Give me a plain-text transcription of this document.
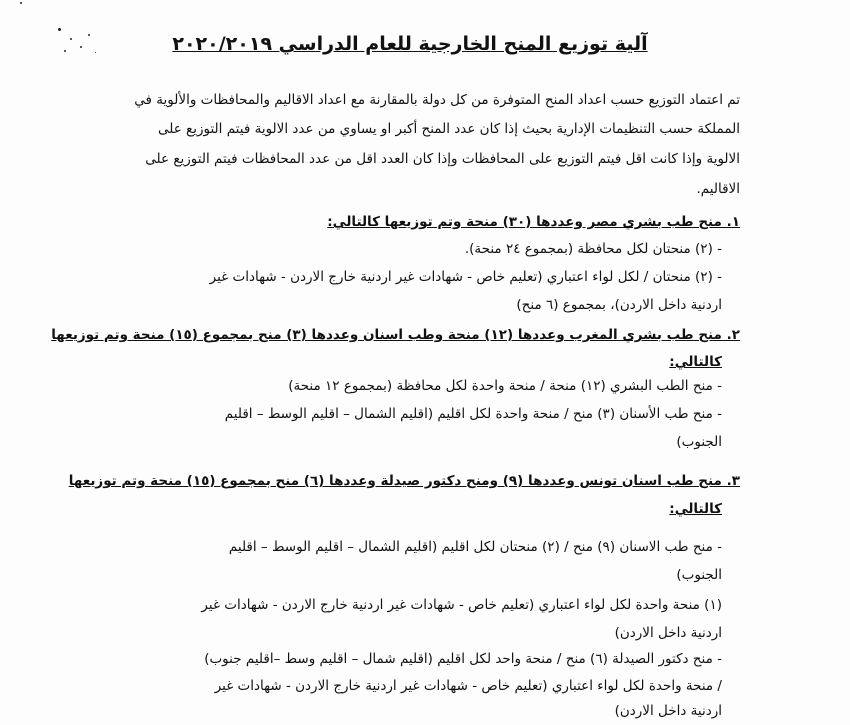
آلية توزيع المنح الخارجية للعام الدراسي ٢٠٢٠/٢٠١٩
تم اعتماد التوزيع حسب اعداد المنح المتوفرة من كل دولة بالمقارنة مع اعداد الاقاليم والمحافظات والألوية في
المملكة حسب التنظيمات الإدارية بحيث إذا كان عدد المنح أكبر او يساوي من عدد الالوية فيتم التوزيع على
الالوية وإذا كانت اقل فيتم التوزيع على المحافظات وإذا كان العدد اقل من عدد المحافظات فيتم التوزيع على
الاقاليم.
١. منح طب بشري مصر وعددها (٣٠) منحة وتم توزيعها كالتالي:
- (٢) منحتان لكل محافظة (بمجموع ٢٤ منحة).
- (٢) منحتان / لكل لواء اعتباري (تعليم خاص - شهادات غير اردنية خارج الاردن - شهادات غير
اردنية داخل الاردن)، بمجموع (٦ منح)
٢. منح طب بشري المغرب وعددها (١٢) منحة وطب اسنان وعددها (٣) منح بمجموع (١٥) منحة وتم توزيعها
كالتالي:
- منح الطب البشري (١٢) منحة / منحة واحدة لكل محافظة (بمجموع ١٢ منحة)
- منح طب الأسنان (٣) منح / منحة واحدة لكل اقليم (اقليم الشمال – اقليم الوسط – اقليم
الجنوب)
٣. منح طب اسنان تونس وعددها (٩) ومنح دكتور صيدلة وعددها (٦) منح بمجموع (١٥) منحة وتم توزيعها
كالتالي:
- منح طب الاسنان (٩) منح / (٢) منحتان لكل اقليم (اقليم الشمال – اقليم الوسط – اقليم
الجنوب)
(١) منحة واحدة لكل لواء اعتباري (تعليم خاص - شهادات غير اردنية خارج الاردن - شهادات غير
اردنية داخل الاردن)
- منح دكتور الصيدلة (٦) منح / منحة واحد لكل اقليم (اقليم شمال – اقليم وسط –اقليم جنوب)
/ منحة واحدة لكل لواء اعتباري (تعليم خاص - شهادات غير اردنية خارج الاردن - شهادات غير
اردنية داخل الاردن)
